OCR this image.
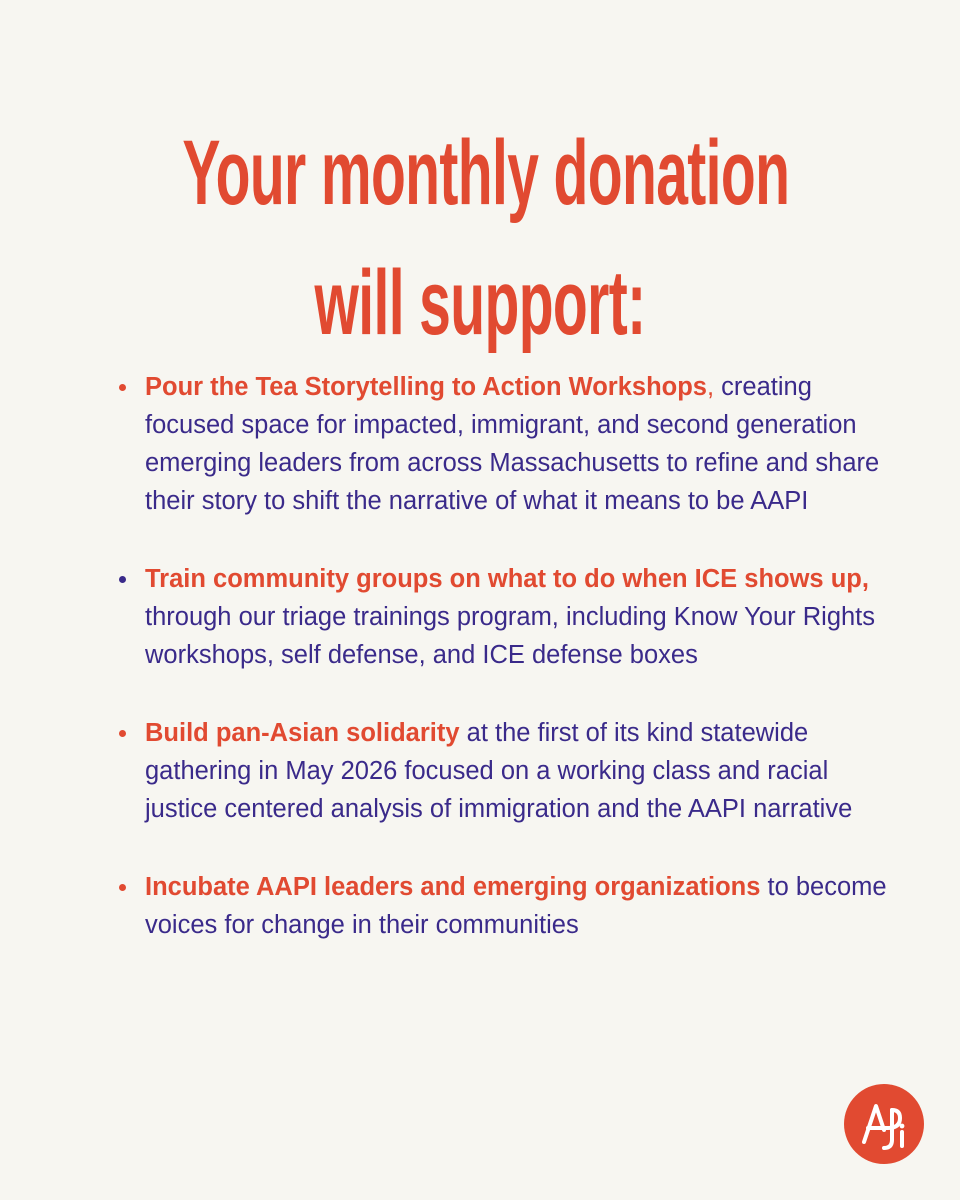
Your monthly donation
will support:
Pour the Tea Storytelling to Action Workshops, creating focused space for impacted, immigrant, and second generation emerging leaders from across Massachusetts to refine and share their story to shift the narrative of what it means to be AAPI
Train community groups on what to do when ICE shows up, through our triage trainings program, including Know Your Rights workshops, self defense, and ICE defense boxes
Build pan-Asian solidarity at the first of its kind statewide gathering in May 2026 focused on a working class and racial justice centered analysis of immigration and the AAPI narrative
Incubate AAPI leaders and emerging organizations to become voices for change in their communities
